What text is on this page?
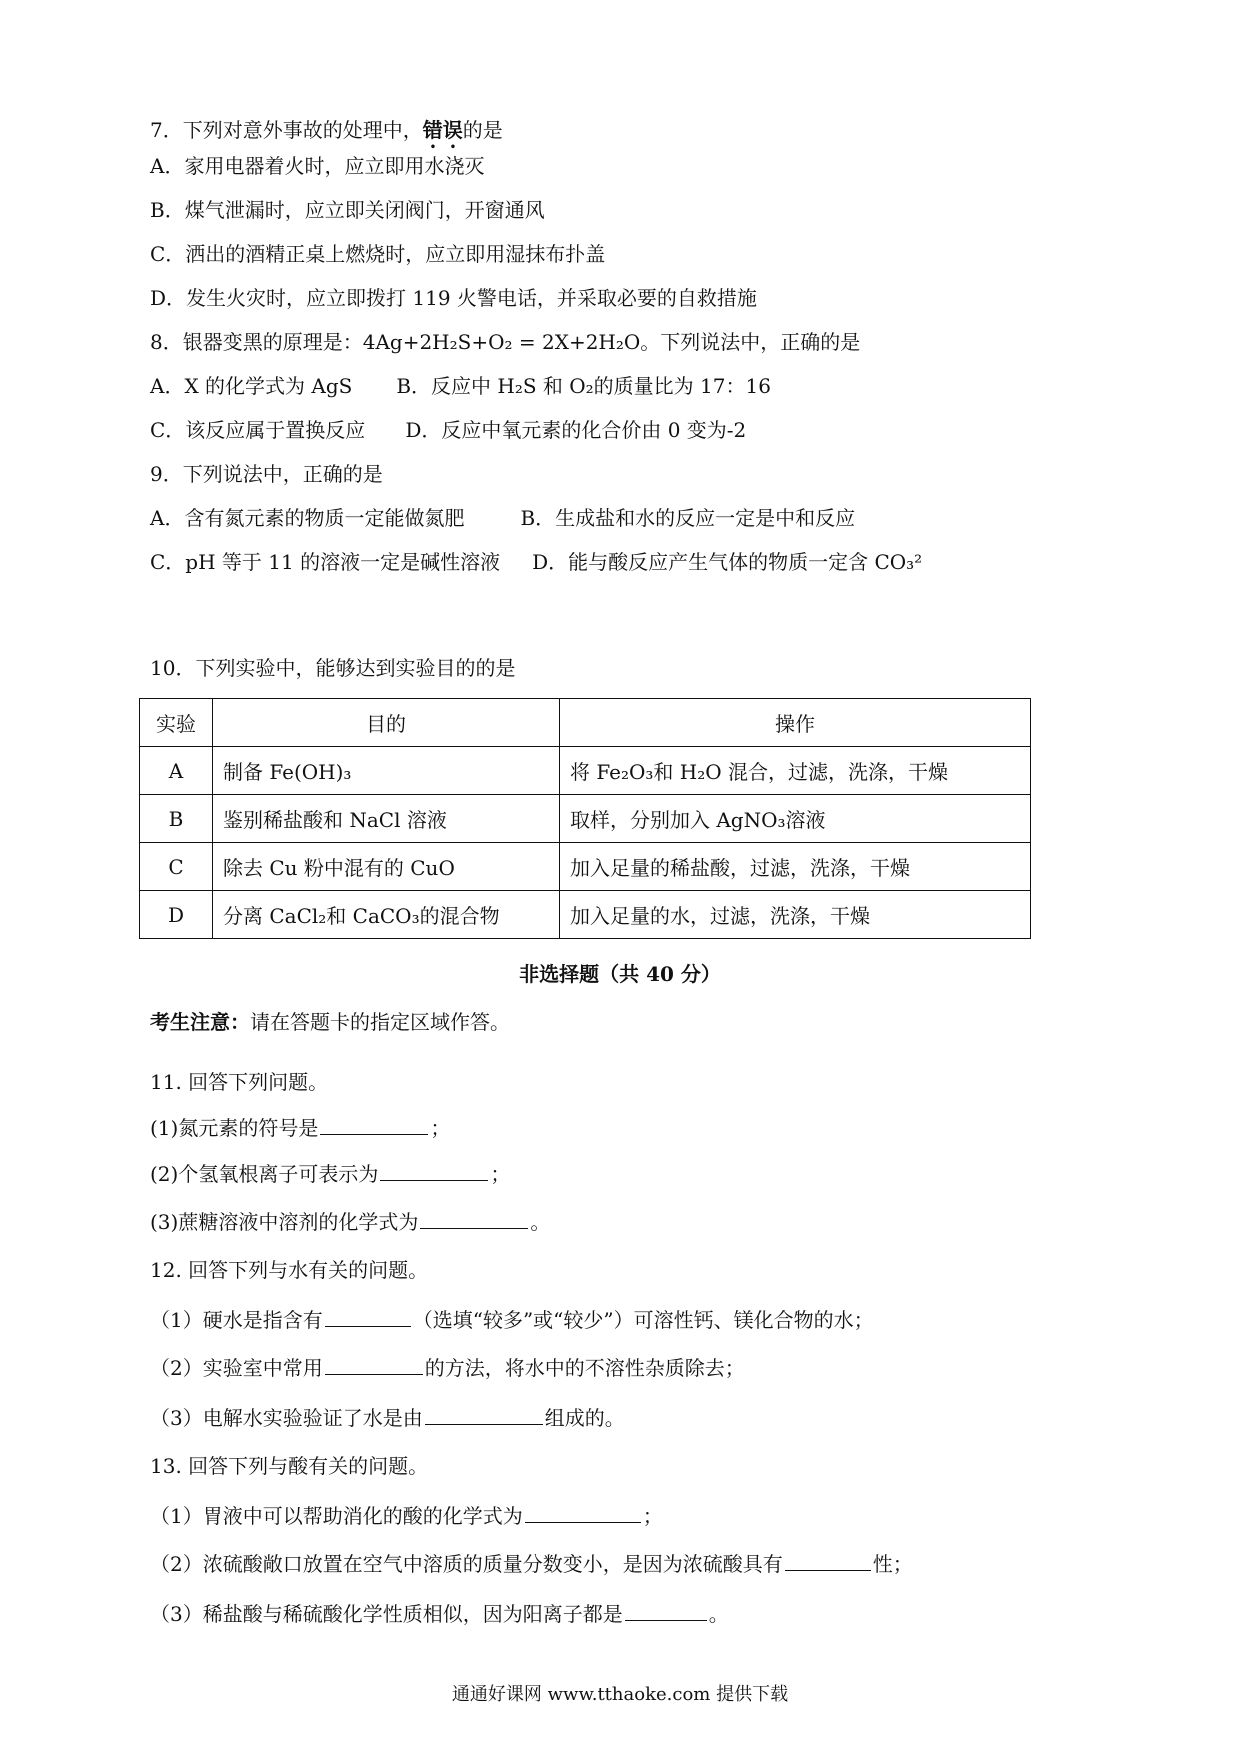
7．下列对意外事故的处理中，错误的是
A．家用电器着火时，应立即用水浇灭
B．煤气泄漏时，应立即关闭阀门，开窗通风
C．洒出的酒精正桌上燃烧时，应立即用湿抹布扑盖
D．发生火灾时，应立即拨打 119 火警电话，并采取必要的自救措施
8．银器变黑的原理是：4Ag+2H₂S+O₂ = 2X+2H₂O。下列说法中，正确的是
A．X 的化学式为 AgS B．反应中 H₂S 和 O₂的质量比为 17：16
C．该反应属于置换反应 D．反应中氧元素的化合价由 0 变为-2
9．下列说法中，正确的是
A．含有氮元素的物质一定能做氮肥	B．生成盐和水的反应一定是中和反应
C．pH 等于 11 的溶液一定是碱性溶液 D．能与酸反应产生气体的物质一定含 CO₃²
10．下列实验中，能够达到实验目的的是
实验	目的	操作
A	制备 Fe(OH)₃	将 Fe₂O₃和 H₂O 混合，过滤，洗涤，干燥
B	鉴别稀盐酸和 NaCl 溶液	取样，分别加入 AgNO₃溶液
C	除去 Cu 粉中混有的 CuO	加入足量的稀盐酸，过滤，洗涤，干燥
D	分离 CaCl₂和 CaCO₃的混合物	加入足量的水，过滤，洗涤，干燥
非选择题（共 40 分）
考生注意：请在答题卡的指定区域作答。
11. 回答下列问题。
(1)氮元素的符号是	；
(2)个氢氧根离子可表示为	；
(3)蔗糖溶液中溶剂的化学式为	。
12. 回答下列与水有关的问题。
（1）硬水是指含有	（选填“较多”或“较少”）可溶性钙、镁化合物的水；
（2）实验室中常用	的方法，将水中的不溶性杂质除去；
（3）电解水实验验证了水是由	组成的。
13. 回答下列与酸有关的问题。
（1）胃液中可以帮助消化的酸的化学式为	；
（2）浓硫酸敞口放置在空气中溶质的质量分数变小，是因为浓硫酸具有	性；
（3）稀盐酸与稀硫酸化学性质相似，因为阳离子都是	。
通通好课网 www.tthaoke.com 提供下载
